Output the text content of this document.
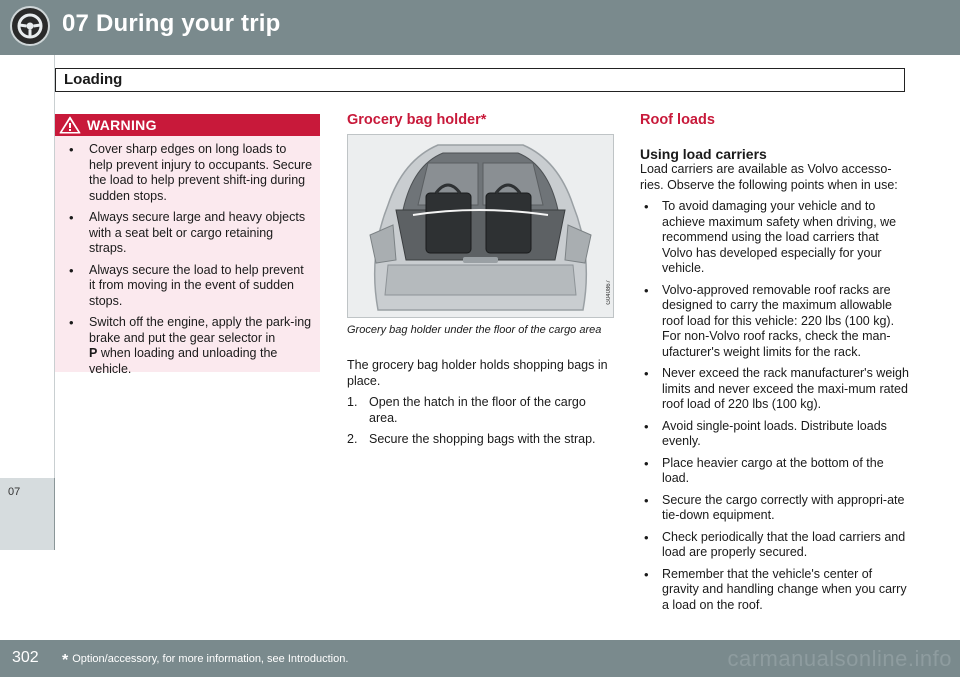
07 During your trip
07
Loading
WARNING
• Cover sharp edges on long loads to help prevent injury to occupants. Secure the load to help prevent shift-ing during sudden stops.
• Always secure large and heavy objects with a seat belt or cargo retaining straps.
• Always secure the load to help prevent it from moving in the event of sudden stops.
• Switch off the engine, apply the park-ing brake and put the gear selector in
P when loading and unloading the vehicle.
Grocery bag holder*
G040867
Grocery bag holder under the floor of the cargo area

The grocery bag holder holds shopping bags in place.

1. Open the hatch in the floor of the cargo area.
2. Secure the shopping bags with the strap.
Roof loads
Using load carriers

Load carriers are available as Volvo accesso-ries. Observe the following points when in use:

• To avoid damaging your vehicle and to achieve maximum safety when driving, we recommend using the load carriers that Volvo has developed especially for your vehicle.
• Volvo-approved removable roof racks are designed to carry the maximum allowable roof load for this vehicle: 220 lbs (100 kg). For non-Volvo roof racks, check the man-ufacturer's weight limits for the rack.
• Never exceed the rack manufacturer's weigh limits and never exceed the maxi-mum rated roof load of 220 lbs (100 kg).
• Avoid single-point loads. Distribute loads evenly.
• Place heavier cargo at the bottom of the load.
• Secure the cargo correctly with appropri-ate tie-down equipment.
• Check periodically that the load carriers and load are properly secured.
• Remember that the vehicle's center of gravity and handling change when you carry a load on the roof.
302 * Option/accessory, for more information, see Introduction.	carmanualsonline.info
